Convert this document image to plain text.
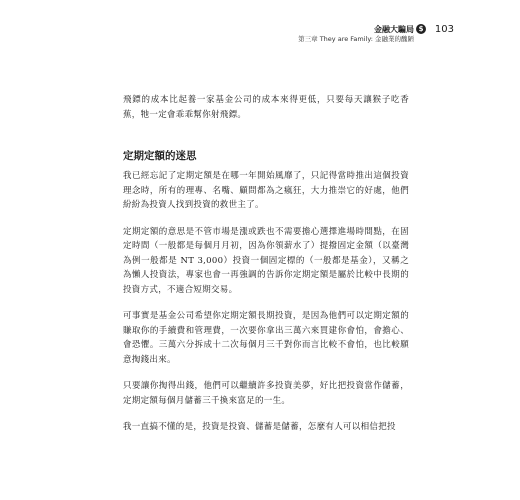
金融大騙局
第三章 They are Family: 金融業的醜陋
$ 103

飛鏢的成本比起養一家基金公司的成本來得更低，只要每天讓猴子吃香蕉，牠一定會乖乖幫你射飛鏢。

定期定額的迷思

我已經忘記了定期定額是在哪一年開始風靡了，只記得當時推出這個投資理念時，所有的理專、名嘴、顧問都為之瘋狂，大力推崇它的好處，他們紛紛為投資人找到投資的救世主了。

定期定額的意思是不管市場是漲或跌也不需要擔心選擇進場時間點，在固定時間（一般都是每個月月初，因為你領薪水了）提撥固定金額（以臺灣為例一般都是 NT 3,000）投資一個固定標的（一般都是基金），又稱之為懶人投資法，專家也會一再強調的告訴你定期定額是屬於比較中長期的投資方式，不適合短期交易。

可事實是基金公司希望你定期定額長期投資，是因為他們可以定期定額的賺取你的手續費和管理費，一次要你拿出三萬六來買建你會怕，會擔心、會恐懼。三萬六分拆成十二次每個月三千對你而言比較不會怕，也比較願意掏錢出來。

只要讓你掏得出錢，他們可以繼續許多投資美夢，好比把投資當作儲蓄，定期定額每個月儲蓄三千換來富足的一生。

我一直搞不懂的是，投資是投資、儲蓄是儲蓄，怎麼有人可以相信把投
